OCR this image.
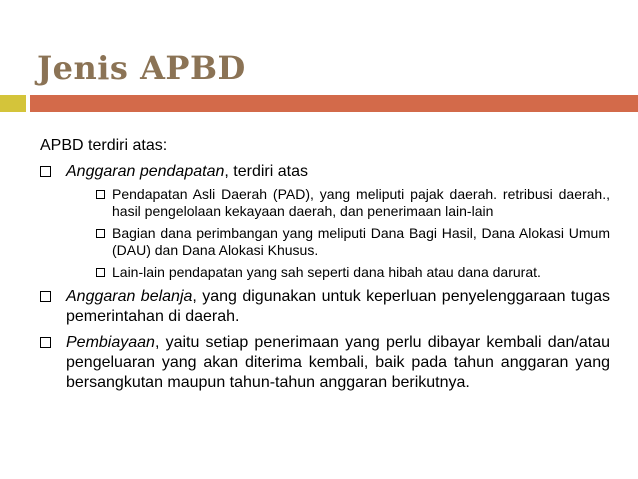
Jenis APBD

APBD terdiri atas:

Anggaran pendapatan, terdiri atas
Pendapatan Asli Daerah (PAD), yang meliputi pajak daerah. retribusi daerah., hasil pengelolaan kekayaan daerah, dan penerimaan lain-lain
Bagian dana perimbangan yang meliputi Dana Bagi Hasil, Dana Alokasi Umum (DAU) dan Dana Alokasi Khusus.
Lain-lain pendapatan yang sah seperti dana hibah atau dana darurat.
Anggaran belanja, yang digunakan untuk keperluan penyelenggaraan tugas pemerintahan di daerah.
Pembiayaan, yaitu setiap penerimaan yang perlu dibayar kembali dan/atau pengeluaran yang akan diterima kembali, baik pada tahun anggaran yang bersangkutan maupun tahun-tahun anggaran berikutnya.
